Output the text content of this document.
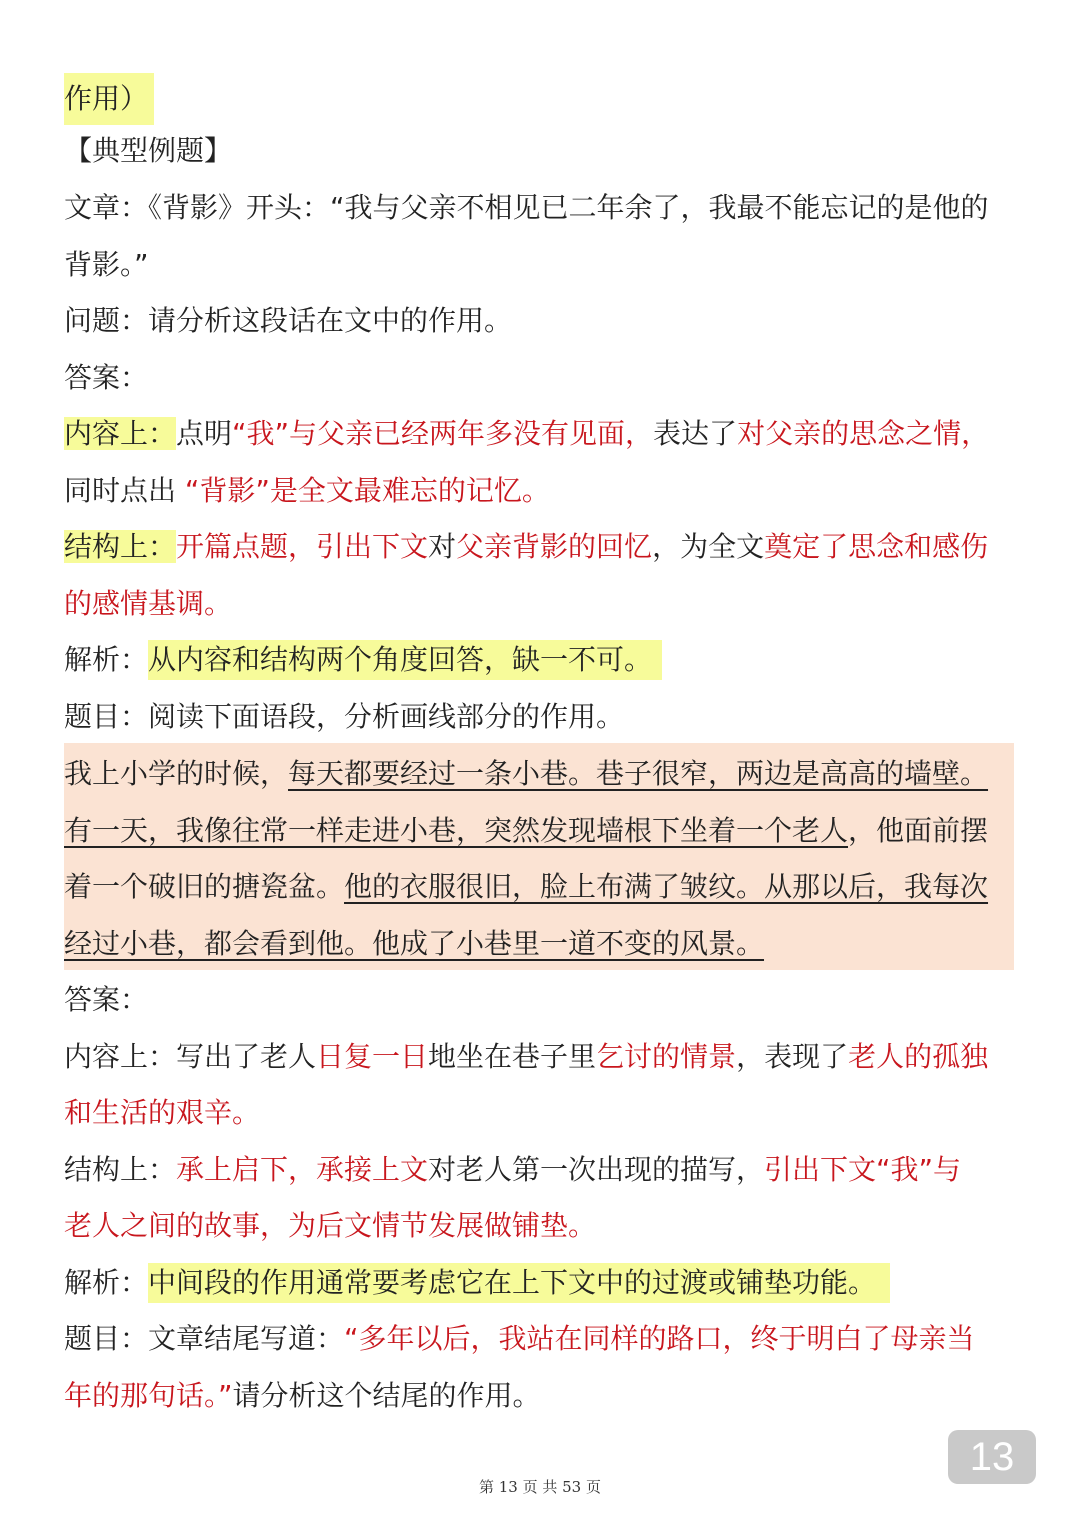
作用）
【典型例题】
文章：《背影》开头：“我与父亲不相见已二年余了，我最不能忘记的是他的
背影。”
问题：请分析这段话在文中的作用。
答案：
内容上：点明“我”与父亲已经两年多没有见面，表达了对父亲的思念之情，
同时点出 “背影”是全文最难忘的记忆。
结构上：开篇点题，引出下文对父亲背影的回忆，为全文奠定了思念和感伤
的感情基调。
解析：从内容和结构两个角度回答，缺一不可。
题目：阅读下面语段，分析画线部分的作用。
我上小学的时候，每天都要经过一条小巷。巷子很窄，两边是高高的墙壁。
有一天，我像往常一样走进小巷，突然发现墙根下坐着一个老人，他面前摆
着一个破旧的搪瓷盆。他的衣服很旧，脸上布满了皱纹。从那以后，我每次
经过小巷，都会看到他。他成了小巷里一道不变的风景。
答案：
内容上：写出了老人日复一日地坐在巷子里乞讨的情景，表现了老人的孤独
和生活的艰辛。
结构上：承上启下，承接上文对老人第一次出现的描写，引出下文“我”与
老人之间的故事，为后文情节发展做铺垫。
解析：中间段的作用通常要考虑它在上下文中的过渡或铺垫功能。
题目：文章结尾写道：“多年以后，我站在同样的路口，终于明白了母亲当
年的那句话。”请分析这个结尾的作用。
13
第 13 页 共 53 页
